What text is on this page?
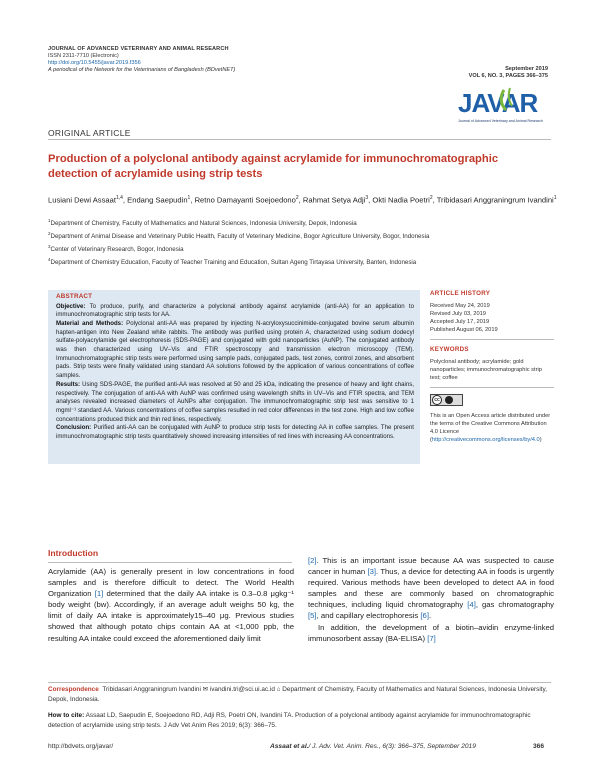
JOURNAL OF ADVANCED VETERINARY AND ANIMAL RESEARCH
ISSN 2311-7710 (Electronic)
http://doi.org/10.5455/javar.2019.f356
A periodical of the Network for the Veterinarians of Bangladesh (BDvetNET)	September 2019
VOL 6, NO. 3, PAGES 366–375
JAVAR
Journal of Advanced Veterinary and Animal Research
ORIGINAL ARTICLE
Production of a polyclonal antibody against acrylamide for immunochromatographic detection of acrylamide using strip tests
Lusiani Dewi Assaat$^{1,4}$, Endang Saepudin$^1$, Retno Damayanti Soejoedono$^2$, Rahmat Setya Adji$^3$, Okti Nadia Poetri$^2$, Tribidasari Anggraningrum Ivandini$^1$
$^1$Department of Chemistry, Faculty of Mathematics and Natural Sciences, Indonesia University, Depok, Indonesia
$^2$Department of Animal Disease and Veterinary Public Health, Faculty of Veterinary Medicine, Bogor Agriculture University, Bogor, Indonesia
$^3$Center of Veterinary Research, Bogor, Indonesia
$^4$Department of Chemistry Education, Faculty of Teacher Training and Education, Sultan Ageng Tirtayasa University, Banten, Indonesia
ABSTRACT

Objective: To produce, purify, and characterize a polyclonal antibody against acrylamide (anti-AA) for an application to immunochromatographic strip tests for AA.

Material and Methods: Polyclonal anti-AA was prepared by injecting N-acryloxysuccinimide-conjugated bovine serum albumin hapten-antigen into New Zealand white rabbits. The antibody was purified using protein A, characterized using sodium dodecyl sulfate-polyacrylamide gel electrophoresis (SDS-PAGE) and conjugated with gold nanoparticles (AuNP). The conjugated antibody was then characterized using UV–Vis and FTIR spectroscopy and transmission electron microscopy (TEM). Immunochromatographic strip tests were performed using sample pads, conjugated pads, test zones, control zones, and absorbent pads. Strip tests were finally validated using standard AA solutions followed by the application of various concentrations of coffee samples.

Results: Using SDS-PAGE, the purified anti-AA was resolved at 50 and 25 kDa, indicating the presence of heavy and light chains, respectively. The conjugation of anti-AA with AuNP was confirmed using wavelength shifts in UV–Vis and FTIR spectra, and TEM analyses revealed increased diameters of AuNPs after conjugation. The immunochromatographic strip test was sensitive to 1 mgml⁻¹ standard AA. Various concentrations of coffee samples resulted in red color differences in the test zone. High and low coffee concentrations produced thick and thin red lines, respectively.

Conclusion: Purified anti-AA can be conjugated with AuNP to produce strip tests for detecting AA in coffee samples. The present immunochromatographic strip tests quantitatively showed increasing intensities of red lines with increasing AA concentrations.

ARTICLE HISTORY
Received May 24, 2019
Revised July 03, 2019
Accepted July 17, 2019
Published August 06, 2019
KEYWORDS
Polyclonal antibody; acrylamide; gold nanoparticles; immunochromatographic strip test; coffee
cc
This is an Open Access article distributed under the terms of the Creative Commons Attribution 4.0 Licence (http://creativecommons.org/licenses/by/4.0)
Introduction
Acrylamide (AA) is generally present in low concentrations in food samples and is therefore difficult to detect. The World Health Organization [1] determined that the daily AA intake is 0.3–0.8 μgkg⁻¹ body weight (bw). Accordingly, if an average adult weighs 50 kg, the limit of daily AA intake is approximately15–40 μg. Previous studies showed that although potato chips contain AA at <1,000 ppb, the resulting AA intake could exceed the aforementioned daily limit
[2]. This is an important issue because AA was suspected to cause cancer in human [3]. Thus, a device for detecting AA in foods is urgently required. Various methods have been developed to detect AA in food samples and these are commonly based on chromatographic techniques, including liquid chromatography [4], gas chromatography [5], and capillary electrophoresis [6].
In addition, the development of a biotin–avidin enzyme-linked immunosorbent assay (BA-ELISA) [7]
Correspondence Tribidasari Anggraningrum Ivandini ✉ ivandini.tri@sci.ui.ac.id ⌂ Department of Chemistry, Faculty of Mathematics and Natural Sciences, Indonesia University, Depok, Indonesia.
How to cite: Assaat LD, Saepudin E, Soejoedono RD, Adji RS, Poetri ON, Ivandini TA. Production of a polyclonal antibody against acrylamide for immunochromatographic detection of acrylamide using strip tests. J Adv Vet Anim Res 2019; 6(3): 366–75.
http://bdvets.org/javar/	Assaat et al./ J. Adv. Vet. Anim. Res., 6(3): 366–375, September 2019	366
